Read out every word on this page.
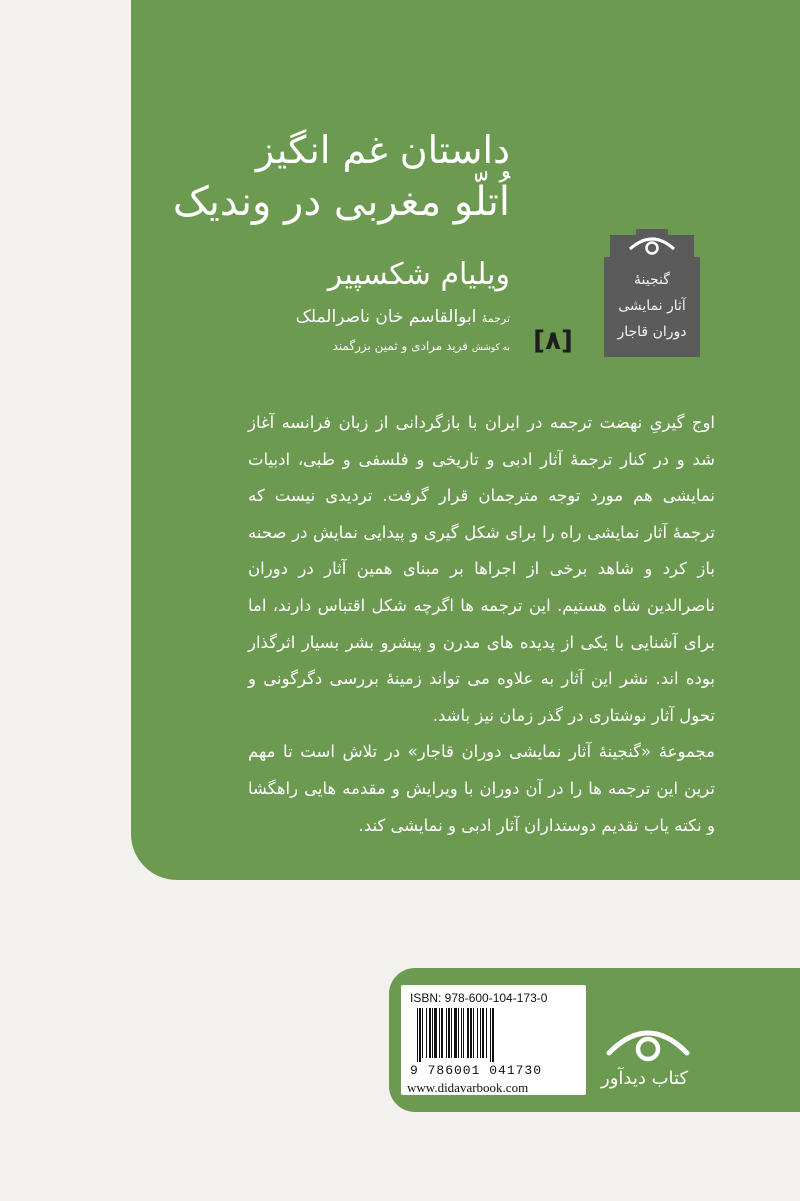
داستان غم انگیز
اُتلّو مغربی در وندیک
ویلیام شکسپیر
ترجمهٔ ابوالقاسم خان ناصرالملک
به کوشش فرید مرادی و ثمین بزرگمند	[۸]
گنجینهٔ
آثار نمایشی
دوران قاجار

اوج گیریِ نهضت ترجمه در ایران با بازگردانی از زبان فرانسه آغاز شد و در کنار ترجمهٔ آثار ادبی و تاریخی و فلسفی و طبی، ادبیات نمایشی هم مورد توجه مترجمان قرار گرفت. تردیدی نیست که ترجمهٔ آثار نمایشی راه را برای شکل گیری و پیدایی نمایش در صحنه باز کرد و شاهد برخی از اجراها بر مبنای همین آثار در دوران ناصرالدین شاه هستیم. این ترجمه ها اگرچه شکل اقتباس دارند، اما برای آشنایی با یکی از پدیده های مدرن و پیشرو بشر بسیار اثرگذار بوده اند. نشر این آثار به علاوه می تواند زمینهٔ بررسی دگرگونی و تحول آثار نوشتاری در گذر زمان نیز باشد.

مجموعهٔ «گنجینهٔ آثار نمایشی دوران قاجار» در تلاش است تا مهم ترین این ترجمه ها را در آن دوران با ویرایش و مقدمه هایی راهگشا و نکته یاب تقدیم دوستداران آثار ادبی و نمایشی کند.

ISBN: 978-600-104-173-0
9 786001 041730
www.didavarbook.com	کتاب دیدآور
